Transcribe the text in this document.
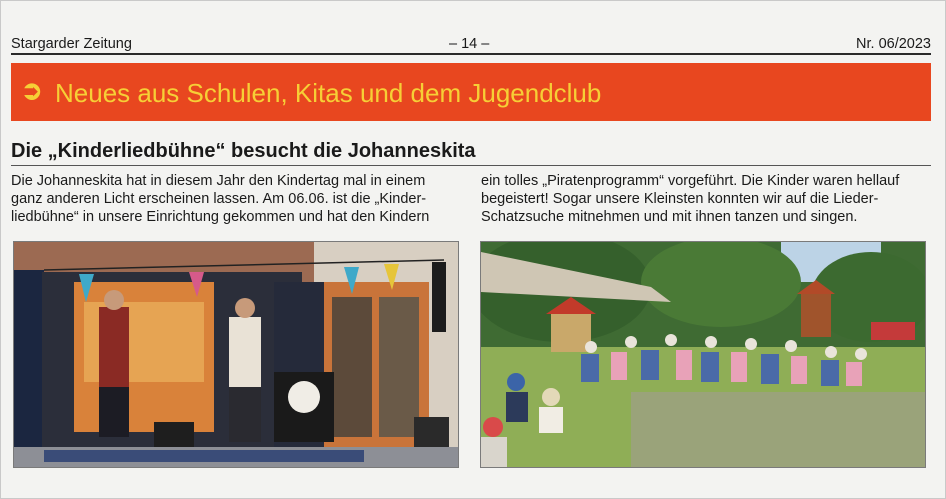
Stargarder Zeitung	– 14 –	Nr. 06/2023
➲ Neues aus Schulen, Kitas und dem Jugendclub
Die „Kinderliedbühne“ besucht die Johanneskita
Die Johanneskita hat in diesem Jahr den Kindertag mal in einem
ganz anderen Licht erscheinen lassen. Am 06.06. ist die „Kinder-
liedbühne“ in unsere Einrichtung gekommen und hat den Kindern
ein tolles „Piratenprogramm“ vorgeführt. Die Kinder waren hellauf
begeistert! Sogar unsere Kleinsten konnten wir auf die Lieder-
Schatzsuche mitnehmen und mit ihnen tanzen und singen.
